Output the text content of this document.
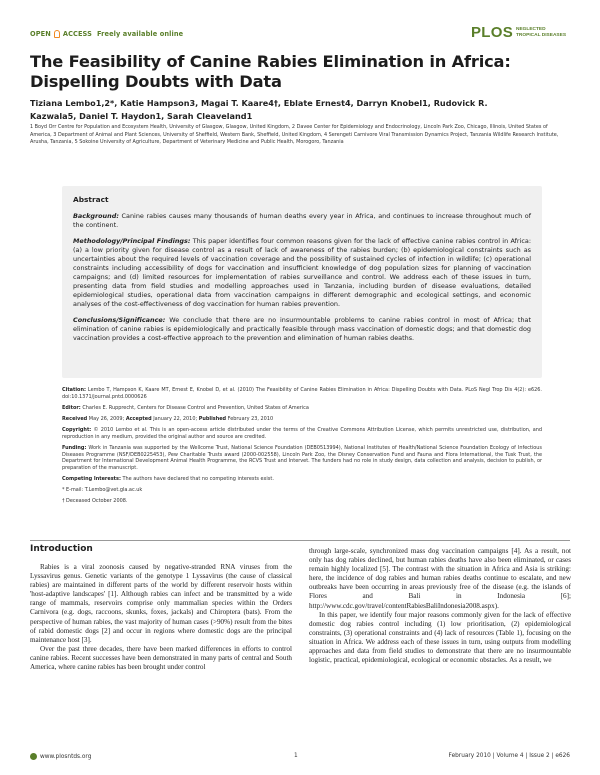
OPEN ACCESS Freely available online	PLOS NEGLECTED TROPICAL DISEASES
The Feasibility of Canine Rabies Elimination in Africa: Dispelling Doubts with Data
Tiziana Lembo1,2*, Katie Hampson3, Magai T. Kaare4†, Eblate Ernest4, Darryn Knobel1, Rudovick R.
Kazwala5, Daniel T. Haydon1, Sarah Cleaveland1
1 Boyd Orr Centre for Population and Ecosystem Health, University of Glasgow, Glasgow, United Kingdom, 2 Davee Center for Epidemiology and Endocrinology, Lincoln Park Zoo, Chicago, Illinois, United States of America, 3 Department of Animal and Plant Sciences, University of Sheffield, Western Bank, Sheffield, United Kingdom, 4 Serengeti Carnivore Viral Transmission Dynamics Project, Tanzania Wildlife Research Institute, Arusha, Tanzania, 5 Sokoine University of Agriculture, Department of Veterinary Medicine and Public Health, Morogoro, Tanzania
Abstract

Background: Canine rabies causes many thousands of human deaths every year in Africa, and continues to increase throughout much of the continent.

Methodology/Principal Findings: This paper identifies four common reasons given for the lack of effective canine rabies control in Africa: (a) a low priority given for disease control as a result of lack of awareness of the rabies burden; (b) epidemiological constraints such as uncertainties about the required levels of vaccination coverage and the possibility of sustained cycles of infection in wildlife; (c) operational constraints including accessibility of dogs for vaccination and insufficient knowledge of dog population sizes for planning of vaccination campaigns; and (d) limited resources for implementation of rabies surveillance and control. We address each of these issues in turn, presenting data from field studies and modelling approaches used in Tanzania, including burden of disease evaluations, detailed epidemiological studies, operational data from vaccination campaigns in different demographic and ecological settings, and economic analyses of the cost-effectiveness of dog vaccination for human rabies prevention.

Conclusions/Significance: We conclude that there are no insurmountable problems to canine rabies control in most of Africa; that elimination of canine rabies is epidemiologically and practically feasible through mass vaccination of domestic dogs; and that domestic dog vaccination provides a cost-effective approach to the prevention and elimination of human rabies deaths.

Citation: Lembo T, Hampson K, Kaare MT, Ernest E, Knobel D, et al. (2010) The Feasibility of Canine Rabies Elimination in Africa: Dispelling Doubts with Data. PLoS Negl Trop Dis 4(2): e626. doi:10.1371/journal.pntd.0000626

Editor: Charles E. Rupprecht, Centers for Disease Control and Prevention, United States of America

Received May 26, 2009; Accepted January 22, 2010; Published February 23, 2010

Copyright: © 2010 Lembo et al. This is an open-access article distributed under the terms of the Creative Commons Attribution License, which permits unrestricted use, distribution, and reproduction in any medium, provided the original author and source are credited.

Funding: Work in Tanzania was supported by the Wellcome Trust, National Science Foundation (DEB0513994), National Institutes of Health/National Science Foundation Ecology of Infectious Diseases Programme (NSF/DEB0225453), Pew Charitable Trusts award (2000-002558), Lincoln Park Zoo, the Disney Conservation Fund and Fauna and Flora International, the Tusk Trust, the Department for International Development Animal Health Programme, the RCVS Trust and Intervet. The funders had no role in study design, data collection and analysis, decision to publish, or preparation of the manuscript.

Competing Interests: The authors have declared that no competing interests exist.

* E-mail: T.Lembo@vet.gla.ac.uk

† Deceased October 2008.

Introduction

Rabies is a viral zoonosis caused by negative-stranded RNA viruses from the Lyssavirus genus. Genetic variants of the genotype 1 Lyssavirus (the cause of classical rabies) are maintained in different parts of the world by different reservoir hosts within 'host-adaptive landscapes' [1]. Although rabies can infect and be transmitted by a wide range of mammals, reservoirs comprise only mammalian species within the Orders Carnivora (e.g. dogs, raccoons, skunks, foxes, jackals) and Chiroptera (bats). From the perspective of human rabies, the vast majority of human cases (>90%) result from the bites of rabid domestic dogs [2] and occur in regions where domestic dogs are the principal maintenance host [3].

Over the past three decades, there have been marked differences in efforts to control canine rabies. Recent successes have been demonstrated in many parts of central and South America, where canine rabies has been brought under control

through large-scale, synchronized mass dog vaccination campaigns [4]. As a result, not only has dog rabies declined, but human rabies deaths have also been eliminated, or cases remain highly localized [5]. The contrast with the situation in Africa and Asia is striking: here, the incidence of dog rabies and human rabies deaths continue to escalate, and new outbreaks have been occurring in areas previously free of the disease (e.g. the islands of Flores and Bali in Indonesia [6]; http://www.cdc.gov/travel/contentRabiesBaliIndonesia2008.aspx).

In this paper, we identify four major reasons commonly given for the lack of effective domestic dog rabies control including (1) low prioritisation, (2) epidemiological constraints, (3) operational constraints and (4) lack of resources (Table 1), focusing on the situation in Africa. We address each of these issues in turn, using outputs from modelling approaches and data from field studies to demonstrate that there are no insurmountable logistic, practical, epidemiological, ecological or economic obstacles. As a result, we

www.plosntds.org	1	February 2010 | Volume 4 | Issue 2 | e626
